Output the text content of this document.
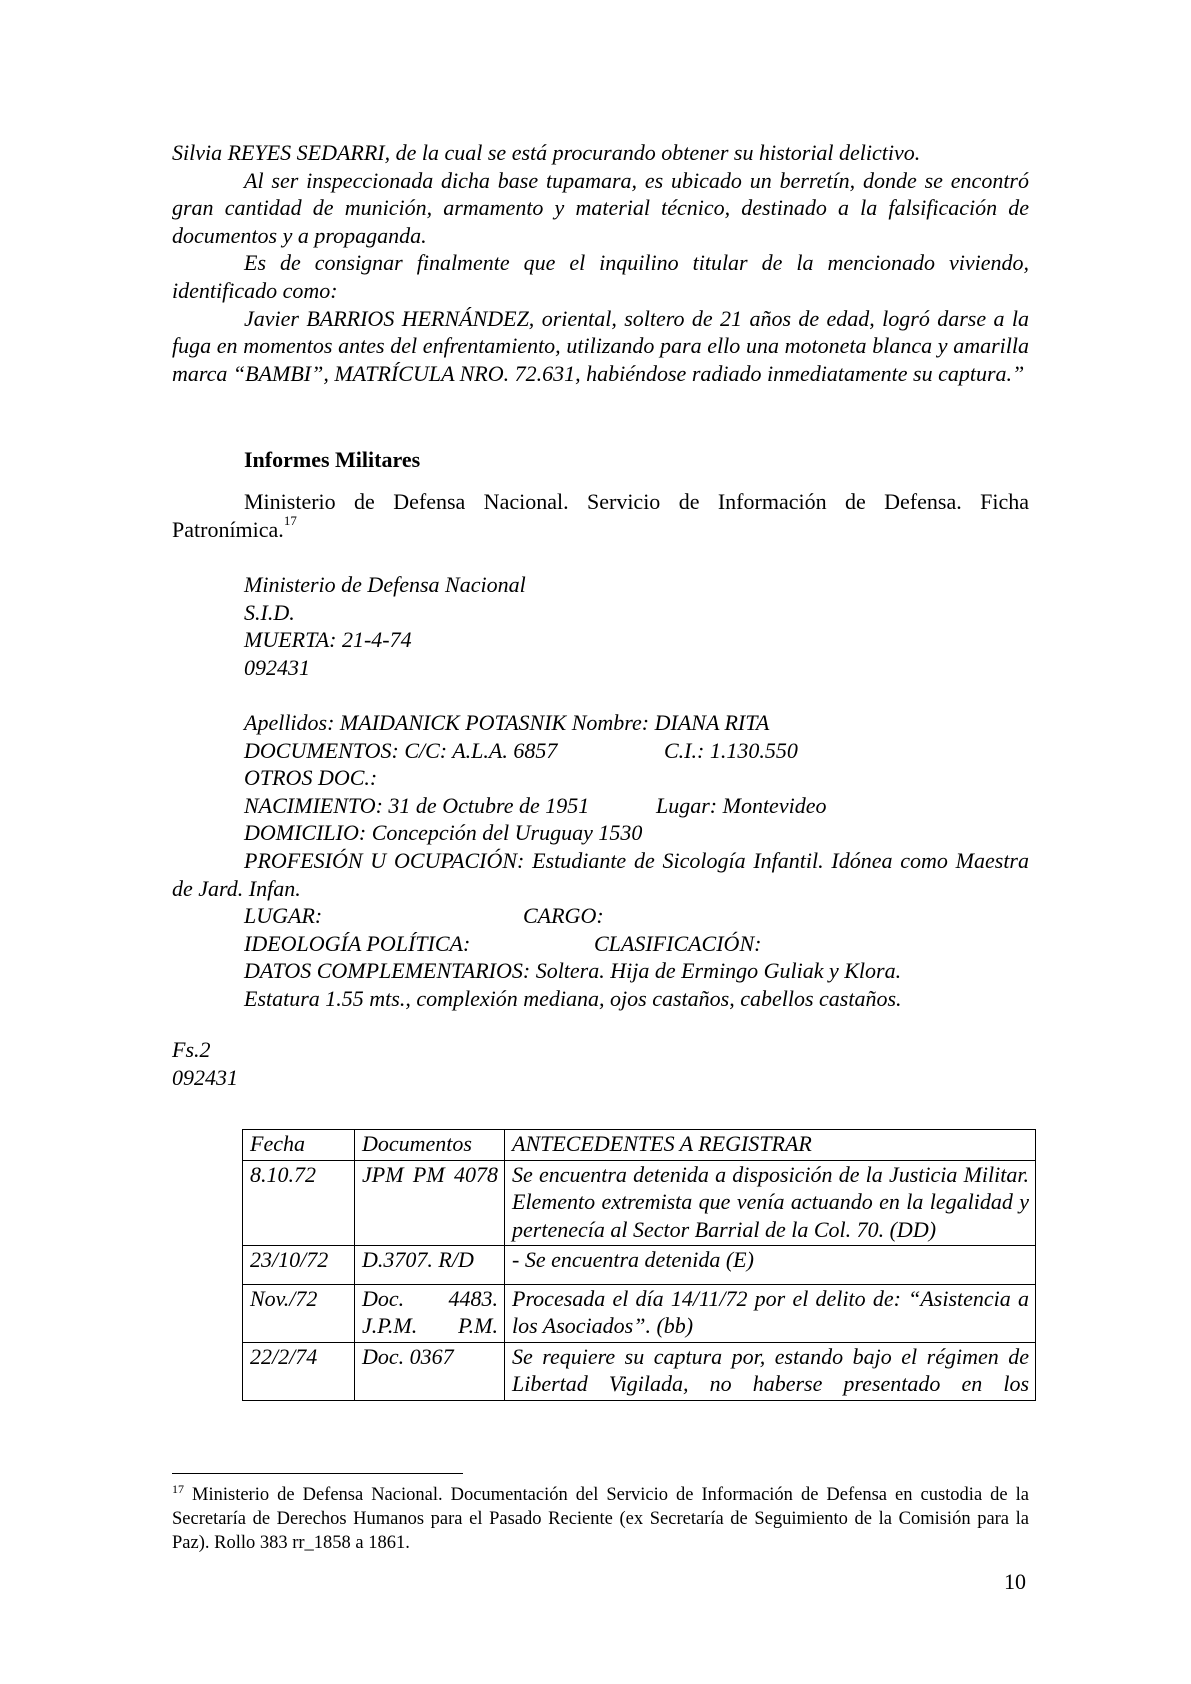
Silvia REYES SEDARRI, de la cual se está procurando obtener su historial delictivo.

Al ser inspeccionada dicha base tupamara, es ubicado un berretín, donde se encontró gran cantidad de munición, armamento y material técnico, destinado a la falsificación de documentos y a propaganda.

Es de consignar finalmente que el inquilino titular de la mencionado viviendo, identificado como:

Javier BARRIOS HERNÁNDEZ, oriental, soltero de 21 años de edad, logró darse a la fuga en momentos antes del enfrentamiento, utilizando para ello una motoneta blanca y amarilla marca “BAMBI”, MATRÍCULA NRO. 72.631, habiéndose radiado inmediatamente su captura.”

Informes Militares

Ministerio de Defensa Nacional. Servicio de Información de Defensa. Ficha Patronímica.$^{17}$

Ministerio de Defensa Nacional
S.I.D.
MUERTA: 21-4-74
092431
Apellidos: MAIDANICK POTASNIK Nombre: DIANA RITA
DOCUMENTOS: C/C: A.L.A. 6857	C.I.: 1.130.550
OTROS DOC.:
NACIMIENTO: 31 de Octubre de 1951	Lugar: Montevideo
DOMICILIO: Concepción del Uruguay 1530

PROFESIÓN U OCUPACIÓN: Estudiante de Sicología Infantil. Idónea como Maestra de Jard. Infan.

LUGAR:	CARGO:
IDEOLOGÍA POLÍTICA:	CLASIFICACIÓN:
DATOS COMPLEMENTARIOS: Soltera. Hija de Ermingo Guliak y Klora.
Estatura 1.55 mts., complexión mediana, ojos castaños, cabellos castaños.
Fs.2
092431
Fecha	Documentos	ANTECEDENTES A REGISTRAR
8.10.72	JPM PM 4078	Se encuentra detenida a disposición de la Justicia Militar. Elemento extremista que venía actuando en la legalidad y pertenecía al Sector Barrial de la Col. 70. (DD)
23/10/72	D.3707. R/D	- Se encuentra detenida (E)
Nov./72	Doc. 4483. J.P.M. P.M.	Procesada el día 14/11/72 por el delito de: “Asistencia a los Asociados”. (bb)
22/2/74	Doc. 0367	Se requiere su captura por, estando bajo el régimen de Libertad Vigilada, no haberse presentado en los
$^{17}$ Ministerio de Defensa Nacional. Documentación del Servicio de Información de Defensa en custodia de la Secretaría de Derechos Humanos para el Pasado Reciente (ex Secretaría de Seguimiento de la Comisión para la Paz). Rollo 383 rr_1858 a 1861.
10
